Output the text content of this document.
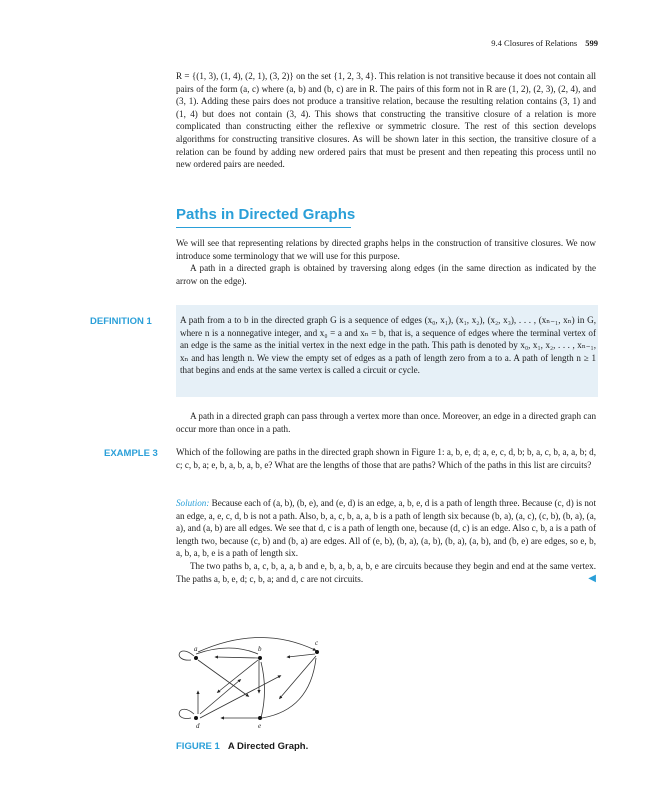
9.4 Closures of Relations 599

R = {(1, 3), (1, 4), (2, 1), (3, 2)} on the set {1, 2, 3, 4}. This relation is not transitive because it does not contain all pairs of the form (a, c) where (a, b) and (b, c) are in R. The pairs of this form not in R are (1, 2), (2, 3), (2, 4), and (3, 1). Adding these pairs does not produce a transitive relation, because the resulting relation contains (3, 1) and (1, 4) but does not contain (3, 4). This shows that constructing the transitive closure of a relation is more complicated than constructing either the reflexive or symmetric closure. The rest of this section develops algorithms for constructing transitive closures. As will be shown later in this section, the transitive closure of a relation can be found by adding new ordered pairs that must be present and then repeating this process until no new ordered pairs are needed.

Paths in Directed Graphs

We will see that representing relations by directed graphs helps in the construction of transitive closures. We now introduce some terminology that we will use for this purpose.

A path in a directed graph is obtained by traversing along edges (in the same direction as indicated by the arrow on the edge).

DEFINITION 1	A path from a to b in the directed graph G is a sequence of edges (x₀, x₁), (x₁, x₂), (x₂, x₃), . . . , (xₙ₋₁, xₙ) in G, where n is a nonnegative integer, and x₀ = a and xₙ = b, that is, a sequence of edges where the terminal vertex of an edge is the same as the initial vertex in the next edge in the path. This path is denoted by x₀, x₁, x₂, . . . , xₙ₋₁, xₙ and has length n. We view the empty set of edges as a path of length zero from a to a. A path of length n ≥ 1 that begins and ends at the same vertex is called a circuit or cycle.

A path in a directed graph can pass through a vertex more than once. Moreover, an edge in a directed graph can occur more than once in a path.

EXAMPLE 3 Which of the following are paths in the directed graph shown in Figure 1: a, b, e, d; a, e, c, d, b; b, a, c, b, a, a, b; d, c; c, b, a; e, b, a, b, a, b, e? What are the lengths of those that are paths? Which of the paths in this list are circuits?

Solution: Because each of (a, b), (b, e), and (e, d) is an edge, a, b, e, d is a path of length three. Because (c, d) is not an edge, a, e, c, d, b is not a path. Also, b, a, c, b, a, a, b is a path of length six because (b, a), (a, c), (c, b), (b, a), (a, a), and (a, b) are all edges. We see that d, c is a path of length one, because (d, c) is an edge. Also c, b, a is a path of length two, because (c, b) and (b, a) are edges. All of (e, b), (b, a), (a, b), (b, a), (a, b), and (b, e) are edges, so e, b, a, b, a, b, e is a path of length six.

The two paths b, a, c, b, a, a, b and e, b, a, b, a, b, e are circuits because they begin and end at the same vertex. The paths a, b, e, d; c, b, a; and d, c are not circuits.	◀

a	b
c
d	e
FIGURE 1 A Directed Graph.
